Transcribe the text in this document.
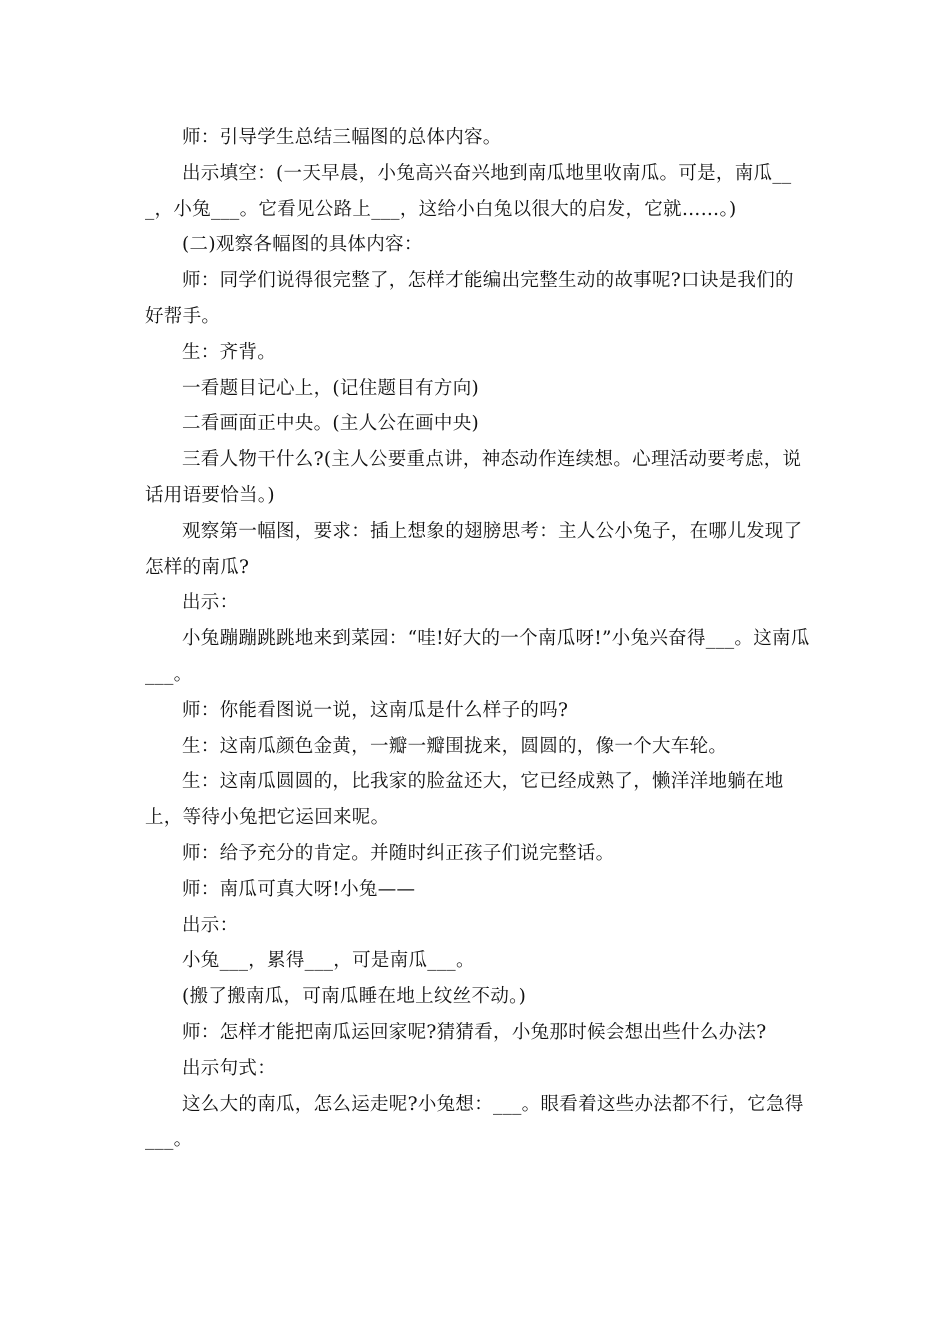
师：引导学生总结三幅图的总体内容。

出示填空：(一天早晨，小兔高兴奋兴地到南瓜地里收南瓜。可是，南瓜___，小兔___。它看见公路上___，这给小白兔以很大的启发，它就……。)

(二)观察各幅图的具体内容：

师：同学们说得很完整了，怎样才能编出完整生动的故事呢?口诀是我们的好帮手。

生：齐背。

一看题目记心上，(记住题目有方向)

二看画面正中央。(主人公在画中央)

三看人物干什么?(主人公要重点讲，神态动作连续想。心理活动要考虑，说话用语要恰当。)

观察第一幅图，要求：插上想象的翅膀思考：主人公小兔子，在哪儿发现了怎样的南瓜?

出示：

小兔蹦蹦跳跳地来到菜园：“哇!好大的一个南瓜呀!”小兔兴奋得___。这南瓜___。

师：你能看图说一说，这南瓜是什么样子的吗?

生：这南瓜颜色金黄，一瓣一瓣围拢来，圆圆的，像一个大车轮。

生：这南瓜圆圆的，比我家的脸盆还大，它已经成熟了，懒洋洋地躺在地上，等待小兔把它运回来呢。

师：给予充分的肯定。并随时纠正孩子们说完整话。

师：南瓜可真大呀!小兔——

出示：

小兔___，累得___，可是南瓜___。

(搬了搬南瓜，可南瓜睡在地上纹丝不动。)

师：怎样才能把南瓜运回家呢?猜猜看，小兔那时候会想出些什么办法?

出示句式：

这么大的南瓜，怎么运走呢?小兔想：___。眼看着这些办法都不行，它急得___。
